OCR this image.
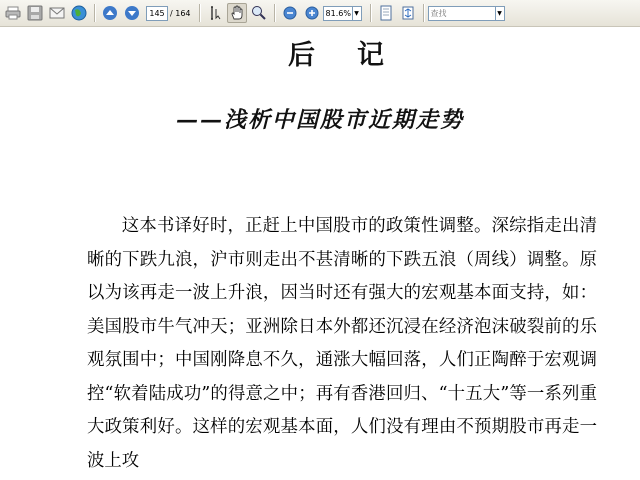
145
/ 164	81.6% ▼
查找	▼
后 记
——浅析中国股市近期走势

这本书译好时，正赶上中国股市的政策性调整。深综指走出清晰的下跌九浪，沪市则走出不甚清晰的下跌五浪（周线）调整。原以为该再走一波上升浪，因当时还有强大的宏观基本面支持，如：美国股市牛气冲天；亚洲除日本外都还沉浸在经济泡沫破裂前的乐观氛围中；中国刚降息不久，通涨大幅回落，人们正陶醉于宏观调控“软着陆成功”的得意之中；再有香港回归、“十五大”等一系列重大政策利好。这样的宏观基本面，人们没有理由不预期股市再走一波上攻
